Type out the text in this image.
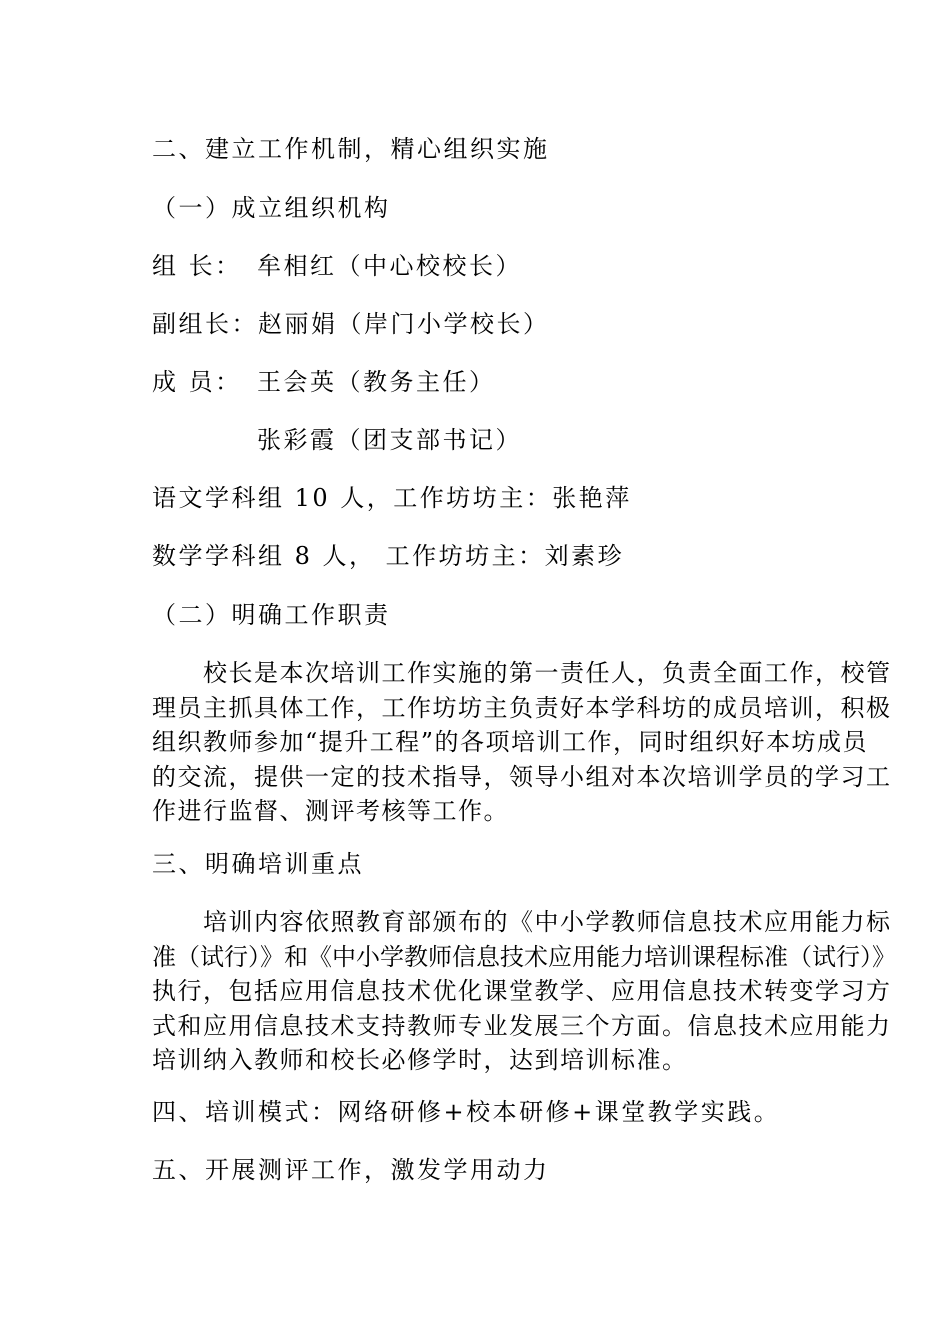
二、建立工作机制，精心组织实施
（一）成立组织机构
组 长： 牟相红（中心校校长）
副组长：赵丽娟（岸门小学校长）
成 员： 王会英（教务主任）
张彩霞（团支部书记）
语文学科组 10 人，工作坊坊主：张艳萍
数学学科组 8 人， 工作坊坊主：刘素珍
（二）明确工作职责
　　校长是本次培训工作实施的第一责任人，负责全面工作，校管
理员主抓具体工作，工作坊坊主负责好本学科坊的成员培训，积极
组织教师参加“提升工程”的各项培训工作，同时组织好本坊成员
的交流，提供一定的技术指导，领导小组对本次培训学员的学习工
作进行监督、测评考核等工作。
三、明确培训重点
　　培训内容依照教育部颁布的《中小学教师信息技术应用能力标
准（试行）》和《中小学教师信息技术应用能力培训课程标准（试行）》
执行，包括应用信息技术优化课堂教学、应用信息技术转变学习方
式和应用信息技术支持教师专业发展三个方面。信息技术应用能力
培训纳入教师和校长必修学时，达到培训标准。
四、培训模式：网络研修+校本研修+课堂教学实践。
五、开展测评工作，激发学用动力
